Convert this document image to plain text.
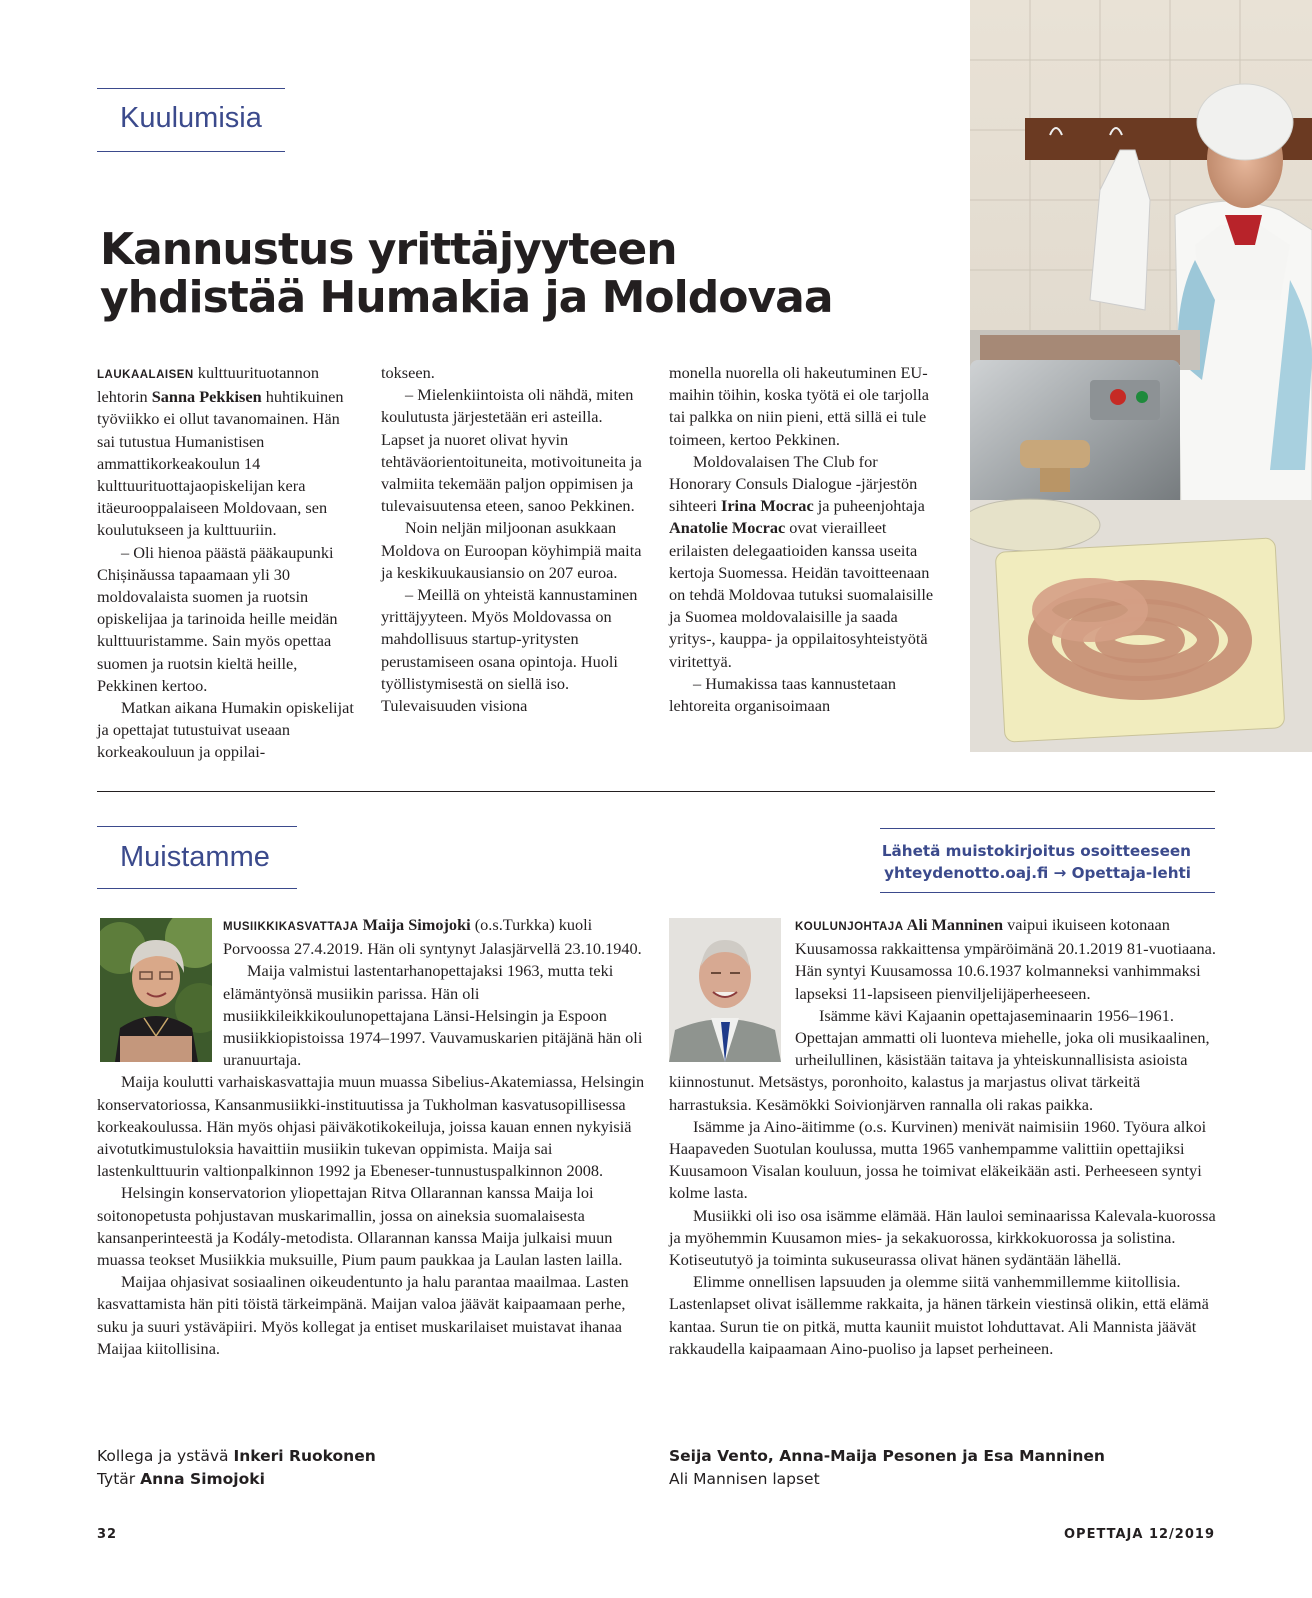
Kuulumisia
Kannustus yrittäjyyteen
yhdistää Humakia ja Moldovaa

LAUKAALAISEN kulttuurituotannon lehtorin Sanna Pekkisen huhtikuinen työviikko ei ollut tavanomainen. Hän sai tutustua Humanistisen ammattikorkeakoulun 14 kulttuurituottajaopiskelijan kera itäeurooppalaiseen Moldovaan, sen koulutukseen ja kulttuuriin.

– Oli hienoa päästä pääkaupunki Chișinăussa tapaamaan yli 30 moldovalaista suomen ja ruotsin opiskelijaa ja tarinoida heille meidän kulttuuristamme. Sain myös opettaa suomen ja ruotsin kieltä heille, Pekkinen kertoo.

Matkan aikana Humakin opiskelijat ja opettajat tutustuivat useaan korkeakouluun ja oppilai-

tokseen.

– Mielenkiintoista oli nähdä, miten koulutusta järjestetään eri asteilla. Lapset ja nuoret olivat hyvin tehtäväorientoituneita, motivoituneita ja valmiita tekemään paljon oppimisen ja tulevaisuutensa eteen, sanoo Pekkinen.

Noin neljän miljoonan asukkaan Moldova on Euroopan köyhimpiä maita ja keskikuukausiansio on 207 euroa.

– Meillä on yhteistä kannustaminen yrittäjyyteen. Myös Moldovassa on mahdollisuus startup-yritysten perustamiseen osana opintoja. Huoli työllistymisestä on siellä iso. Tulevaisuuden visiona

monella nuorella oli hakeutuminen EU-maihin töihin, koska työtä ei ole tarjolla tai palkka on niin pieni, että sillä ei tule toimeen, kertoo Pekkinen.

Moldovalaisen The Club for Honorary Consuls Dialogue -järjestön sihteeri Irina Mocrac ja puheenjohtaja Anatolie Mocrac ovat vierailleet erilaisten delegaatioiden kanssa useita kertoja Suomessa. Heidän tavoitteenaan on tehdä Moldovaa tutuksi suomalaisille ja Suomea moldovalaisille ja saada yritys-, kauppa- ja oppilaitosyhteistyötä viritettyä.

– Humakissa taas kannustetaan lehtoreita organisoimaan

Muistamme	Lähetä muistokirjoitus osoitteeseen
yhteydenotto.oaj.fi → Opettaja-lehti

MUSIIKKIKASVATTAJA Maija Simojoki (o.s.Turkka) kuoli Porvoossa 27.4.2019. Hän oli syntynyt Jalasjärvellä 23.10.1940.

Maija valmistui lastentarhanopettajaksi 1963, mutta teki elämäntyönsä musiikin parissa. Hän oli musiikkileikkikoulunopettajana Länsi-Helsingin ja Espoon musiikkiopistoissa 1974–1997. Vauvamuskarien pitäjänä hän oli uranuurtaja.

Maija koulutti varhaiskasvattajia muun muassa Sibelius-Akatemiassa, Helsingin konservatoriossa, Kansanmusiikki-instituutissa ja Tukholman kasvatusopillisessa korkeakoulussa. Hän myös ohjasi päiväkotikokeiluja, joissa kauan ennen nykyisiä aivotutkimustuloksia havaittiin musiikin tukevan oppimista. Maija sai lastenkulttuurin valtionpalkinnon 1992 ja Ebeneser-tunnustuspalkinnon 2008.

Helsingin konservatorion yliopettajan Ritva Ollarannan kanssa Maija loi soitonopetusta pohjustavan muskarimallin, jossa on aineksia suomalaisesta kansanperinteestä ja Kodály-metodista. Ollarannan kanssa Maija julkaisi muun muassa teokset Musiikkia muksuille, Pium paum paukkaa ja Laulan lasten lailla.

Maijaa ohjasivat sosiaalinen oikeudentunto ja halu parantaa maailmaa. Lasten kasvattamista hän piti töistä tärkeimpänä. Maijan valoa jäävät kaipaamaan perhe, suku ja suuri ystäväpiiri. Myös kollegat ja entiset muskarilaiset muistavat ihanaa Maijaa kiitollisina.

Kollega ja ystävä Inkeri Ruokonen
Tytär Anna Simojoki

KOULUNJOHTAJA Ali Manninen vaipui ikuiseen kotonaan Kuusamossa rakkaittensa ympäröimänä 20.1.2019 81-vuotiaana. Hän syntyi Kuusamossa 10.6.1937 kolmanneksi vanhimmaksi lapseksi 11-lapsiseen pienviljelijäperheeseen.

Isämme kävi Kajaanin opettajaseminaarin 1956–1961. Opettajan ammatti oli luonteva miehelle, joka oli musikaalinen, urheilullinen, käsistään taitava ja yhteiskunnallisista asioista kiinnostunut. Metsästys, poronhoito, kalastus ja marjastus olivat tärkeitä harrastuksia. Kesämökki Soivionjärven rannalla oli rakas paikka.

Isämme ja Aino-äitimme (o.s. Kurvinen) menivät naimisiin 1960. Työura alkoi Haapaveden Suotulan koulussa, mutta 1965 vanhempamme valittiin opettajiksi Kuusamoon Visalan kouluun, jossa he toimivat eläkeikään asti. Perheeseen syntyi kolme lasta.

Musiikki oli iso osa isämme elämää. Hän lauloi seminaarissa Kalevala-kuorossa ja myöhemmin Kuusamon mies- ja sekakuorossa, kirkkokuorossa ja solistina. Kotiseututyö ja toiminta sukuseurassa olivat hänen sydäntään lähellä.

Elimme onnellisen lapsuuden ja olemme siitä vanhemmillemme kiitollisia. Lastenlapset olivat isällemme rakkaita, ja hänen tärkein viestinsä olikin, että elämä kantaa. Surun tie on pitkä, mutta kauniit muistot lohduttavat. Ali Mannista jäävät rakkaudella kaipaamaan Aino-puoliso ja lapset perheineen.

Seija Vento, Anna-Maija Pesonen ja Esa Manninen
Ali Mannisen lapset
32	OPETTAJA 12/2019
